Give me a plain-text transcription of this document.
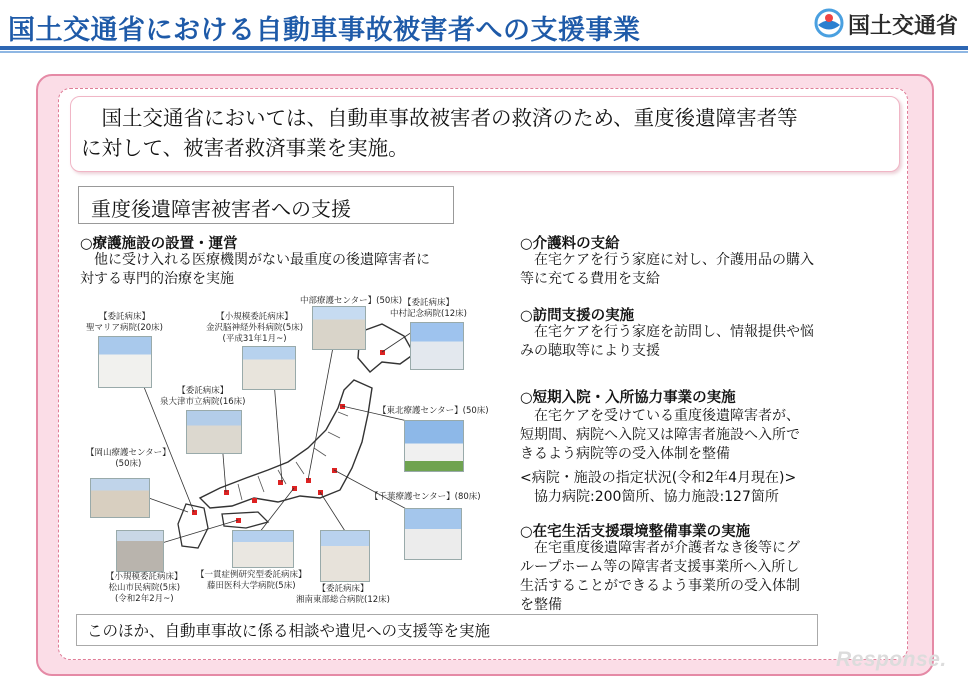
国土交通省における自動車事故被害者への支援事業	国土交通省
　国土交通省においては、自動車事故被害者の救済のため、重度後遺障害者等
に対して、被害者救済事業を実施。
重度後遺障害被害者への支援
○療護施設の設置・運営
　他に受け入れる医療機関がない最重度の後遺障害者に
対する専門的治療を実施
【委託病床】
聖マリア病院(20床)
【小規模委託病床】
金沢脳神経外科病院(5床)
(平成31年1月~)
中部療護センター】(50床) 【委託病床】
中村記念病院(12床)
【委託病床】
泉大津市立病院(16床)
【東北療護センター】(50床)
【岡山療護センター】
(50床)
【千葉療護センター】(80床)
【小規模委託病床】
松山市民病院(5床)
(令和2年2月~)
【一貫症例研究型委託病床】
藤田医科大学病院(5床)	【委託病床】
湘南東部総合病院(12床)
○介護料の支給
　在宅ケアを行う家庭に対し、介護用品の購入
等に充てる費用を支給
○訪問支援の実施
　在宅ケアを行う家庭を訪問し、情報提供や悩
みの聴取等により支援
○短期入院・入所協力事業の実施
　在宅ケアを受けている重度後遺障害者が、
短期間、病院へ入院又は障害者施設へ入所で
きるよう病院等の受入体制を整備
<病院・施設の指定状況(令和2年4月現在)>
　協力病院:200箇所、協力施設:127箇所
○在宅生活支援環境整備事業の実施
　在宅重度後遺障害者が介護者なき後等にグ
ループホーム等の障害者支援事業所へ入所し
生活することができるよう事業所の受入体制
を整備
このほか、自動車事故に係る相談や遺児への支援等を実施
Response.
